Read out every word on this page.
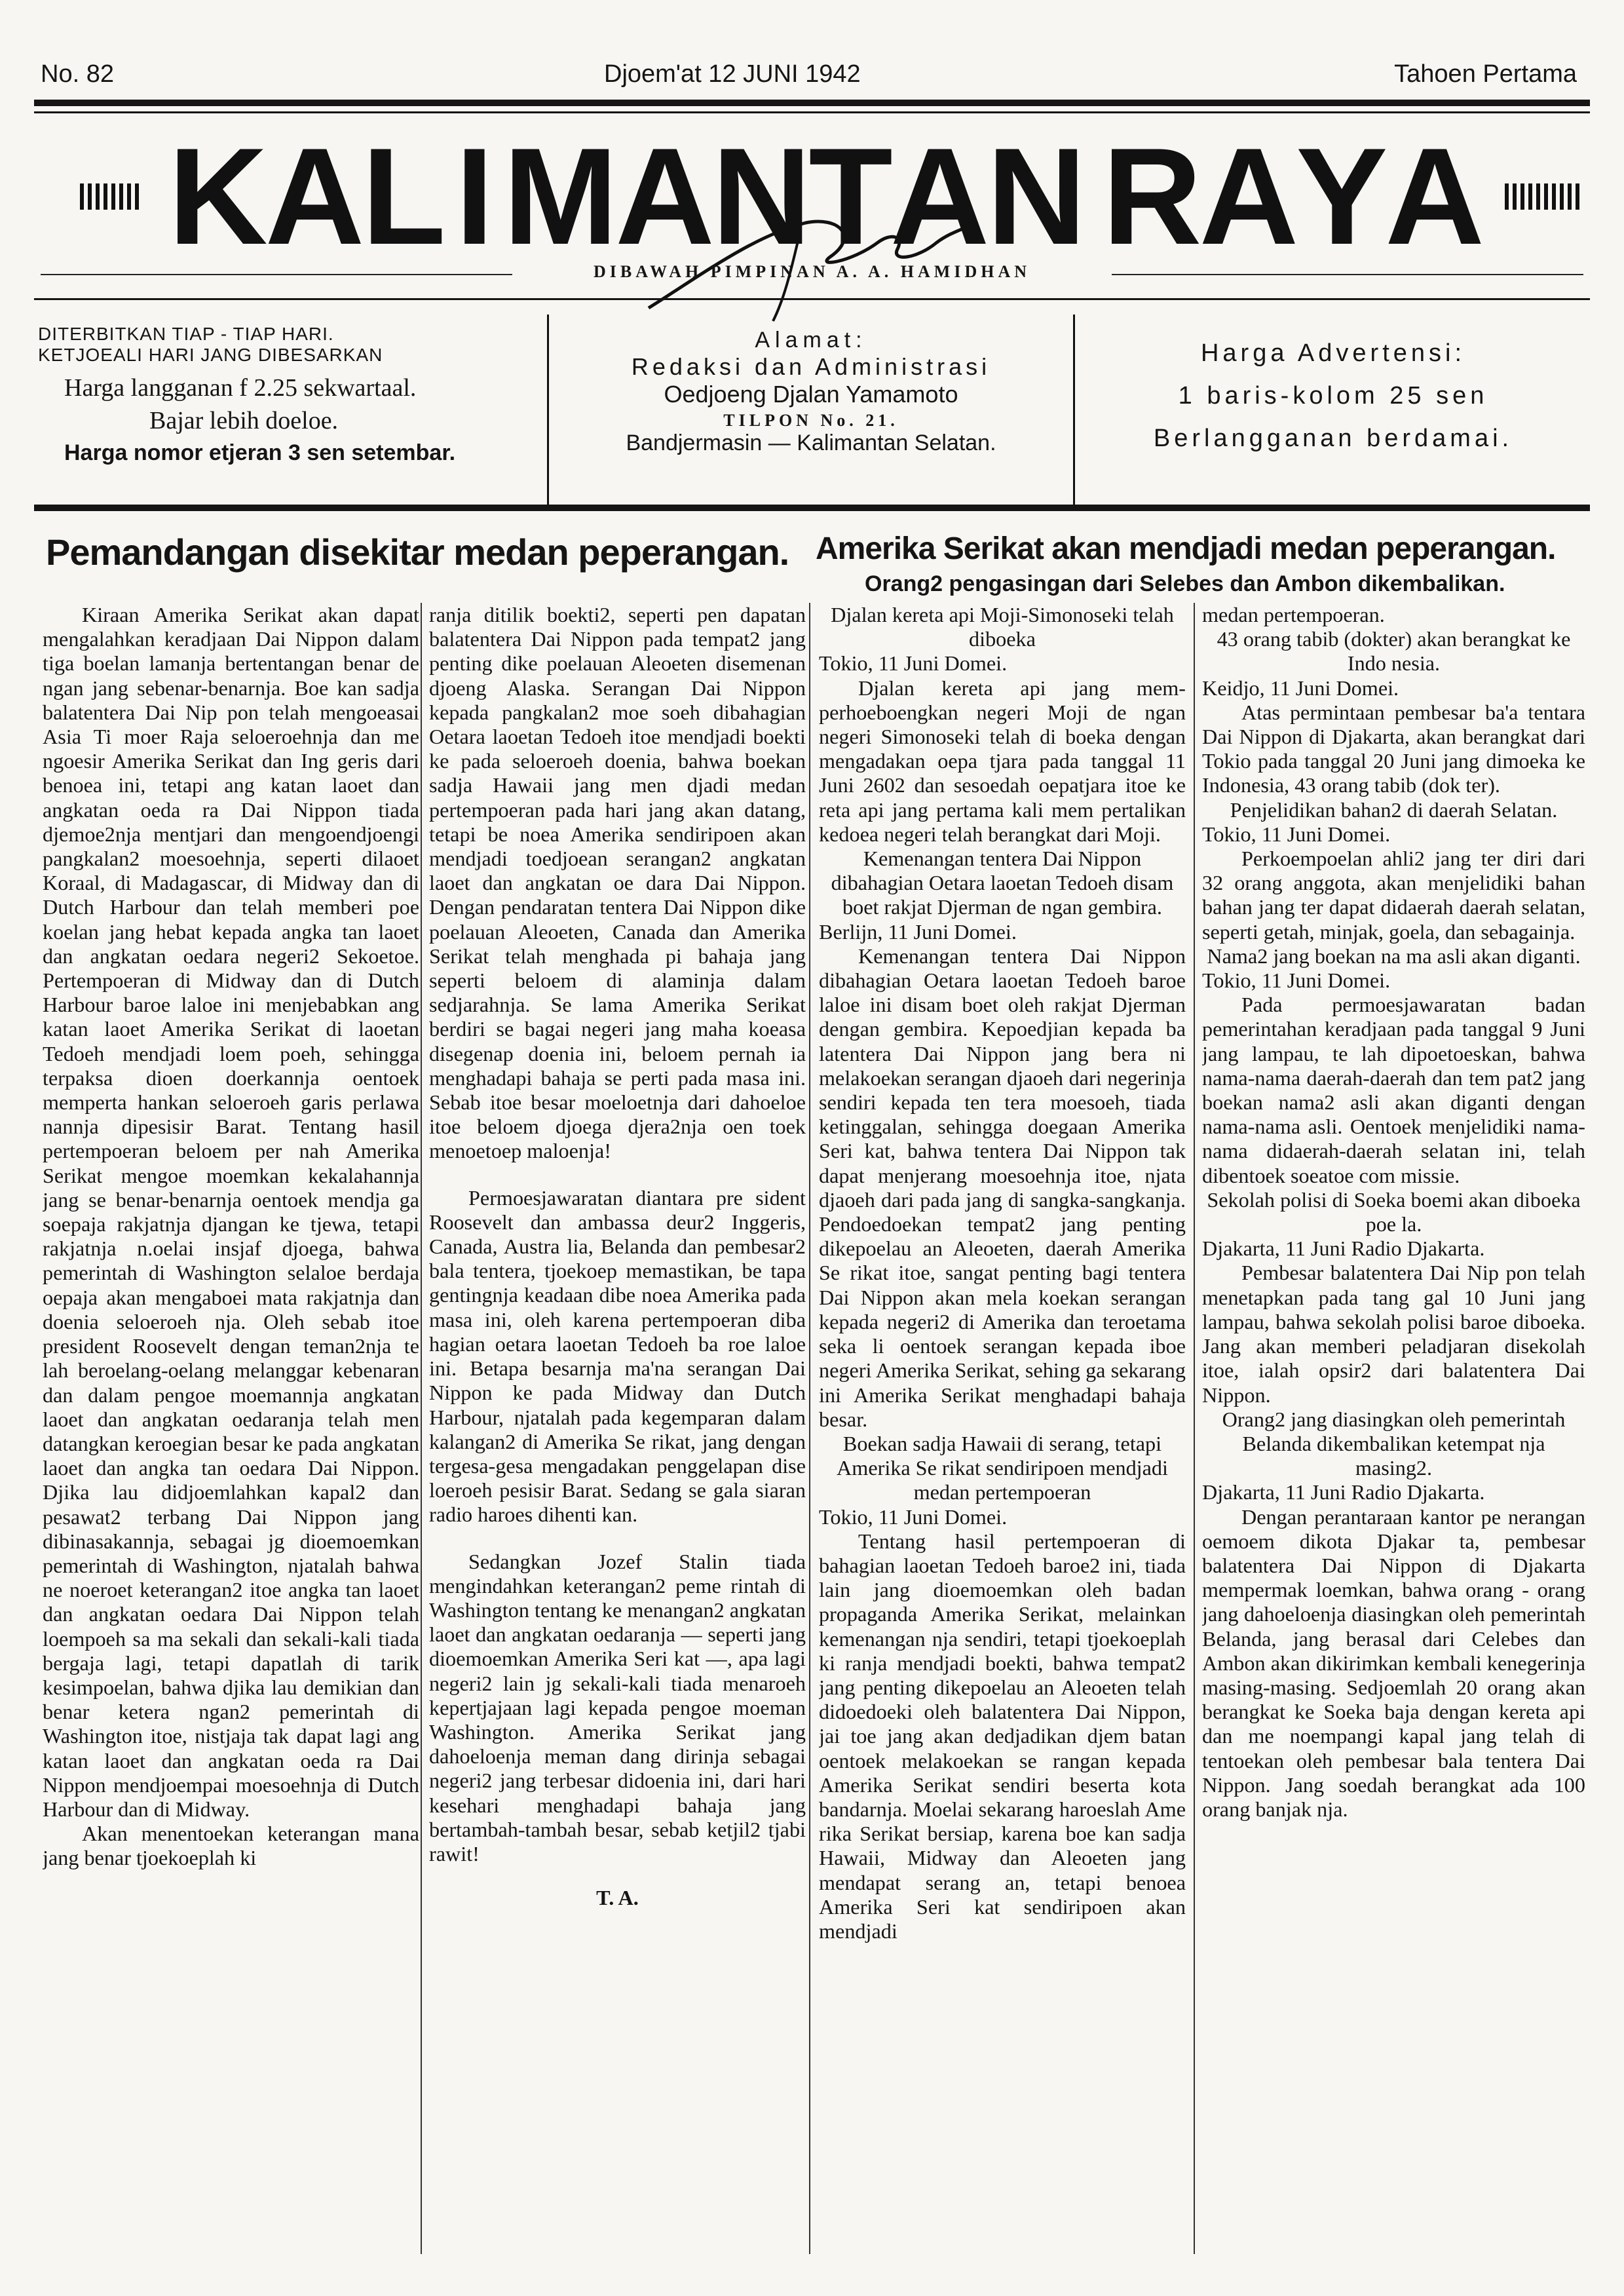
No. 82	Djoem'at 12 JUNI 1942	Tahoen Pertama
K A L I M A N T A N R A Y A
DIBAWAH PIMPINAN A. A. HAMIDHAN
DITERBITKAN TIAP - TIAP HARI.
KETJOEALI HARI JANG DIBESARKAN
Harga langganan f 2.25 sekwartaal.
Bajar lebih doeloe.
Harga nomor etjeran 3 sen setembar.
Alamat:
Redaksi dan Administrasi
Oedjoeng Djalan Yamamoto
TILPON No. 21.
Bandjermasin — Kalimantan Selatan.
Harga Advertensi:
1 baris-kolom 25 sen
Berlangganan berdamai.
Pemandangan disekitar medan peperangan. Amerika Serikat akan mendjadi medan peperangan.
Orang2 pengasingan dari Selebes dan Ambon dikembalikan.

Kiraan Amerika Serikat akan dapat mengalahkan keradjaan Dai Nippon dalam tiga boelan lamanja bertentangan benar de ngan jang sebenar-benarnja. Boe kan sadja balatentera Dai Nip pon telah mengoeasai Asia Ti moer Raja seloeroehnja dan me ngoesir Amerika Serikat dan Ing geris dari benoea ini, tetapi ang katan laoet dan angkatan oeda ra Dai Nippon tiada djemoe2nja mentjari dan mengoendjoengi pangkalan2 moesoehnja, seperti dilaoet Koraal, di Madagascar, di Midway dan di Dutch Harbour dan telah memberi poe koelan jang hebat kepada angka tan laoet dan angkatan oedara negeri2 Sekoetoe. Pertempoeran di Midway dan di Dutch Harbour baroe laloe ini menjebabkan ang katan laoet Amerika Serikat di laoetan Tedoeh mendjadi loem poeh, sehingga terpaksa dioen doerkannja oentoek memperta hankan seloeroeh garis perlawa nannja dipesisir Barat. Tentang hasil pertempoeran beloem per nah Amerika Serikat mengoe moemkan kekalahannja jang se benar-benarnja oentoek mendja ga soepaja rakjatnja djangan ke tjewa, tetapi rakjatnja n.oelai insjaf djoega, bahwa pemerintah di Washington selaloe berdaja oepaja akan mengaboei mata rakjatnja dan doenia seloeroeh nja. Oleh sebab itoe president Roosevelt dengan teman2nja te lah beroelang-oelang melanggar kebenaran dan dalam pengoe moemannja angkatan laoet dan angkatan oedaranja telah men datangkan keroegian besar ke pada angkatan laoet dan angka tan oedara Dai Nippon. Djika lau didjoemlahkan kapal2 dan pesawat2 terbang Dai Nippon jang dibinasakannja, sebagai jg dioemoemkan pemerintah di Washington, njatalah bahwa ne noeroet keterangan2 itoe angka tan laoet dan angkatan oedara Dai Nippon telah loempoeh sa ma sekali dan sekali-kali tiada bergaja lagi, tetapi dapatlah di tarik kesimpoelan, bahwa djika lau demikian dan benar ketera ngan2 pemerintah di Washington itoe, nistjaja tak dapat lagi ang katan laoet dan angkatan oeda ra Dai Nippon mendjoempai moesoehnja di Dutch Harbour dan di Midway.

Akan menentoekan keterangan mana jang benar tjoekoeplah ki

ranja ditilik boekti2, seperti pen dapatan balatentera Dai Nippon pada tempat2 jang penting dike poelauan Aleoeten disemenan djoeng Alaska. Serangan Dai Nippon kepada pangkalan2 moe soeh dibahagian Oetara laoetan Tedoeh itoe mendjadi boekti ke pada seloeroeh doenia, bahwa boekan sadja Hawaii jang men djadi medan pertempoeran pada hari jang akan datang, tetapi be noea Amerika sendiripoen akan mendjadi toedjoean serangan2 angkatan laoet dan angkatan oe dara Dai Nippon. Dengan pendaratan tentera Dai Nippon dike poelauan Aleoeten, Canada dan Amerika Serikat telah menghada pi bahaja jang seperti beloem di alaminja dalam sedjarahnja. Se lama Amerika Serikat berdiri se bagai negeri jang maha koeasa disegenap doenia ini, beloem pernah ia menghadapi bahaja se perti pada masa ini. Sebab itoe besar moeloetnja dari dahoeloe itoe beloem djoega djera2nja oen toek menoetoep maloenja!

Permoesjawaratan diantara pre sident Roosevelt dan ambassa deur2 Inggeris, Canada, Austra lia, Belanda dan pembesar2 bala tentera, tjoekoep memastikan, be tapa gentingnja keadaan dibe noea Amerika pada masa ini, oleh karena pertempoeran diba hagian oetara laoetan Tedoeh ba roe laloe ini. Betapa besarnja ma'na serangan Dai Nippon ke pada Midway dan Dutch Harbour, njatalah pada kegemparan dalam kalangan2 di Amerika Se rikat, jang dengan tergesa-gesa mengadakan penggelapan dise loeroeh pesisir Barat. Sedang se gala siaran radio haroes dihenti kan.

Sedangkan Jozef Stalin tiada mengindahkan keterangan2 peme rintah di Washington tentang ke menangan2 angkatan laoet dan angkatan oedaranja — seperti jang dioemoemkan Amerika Seri kat —, apa lagi negeri2 lain jg sekali-kali tiada menaroeh kepertjajaan lagi kepada pengoe moeman Washington. Amerika Serikat jang dahoeloenja meman dang dirinja sebagai negeri2 jang terbesar didoenia ini, dari hari kesehari menghadapi bahaja jang bertambah-tambah besar, sebab ketjil2 tjabi rawit!

T. A.

Djalan kereta api Moji-Simonoseki telah diboeka

Tokio, 11 Juni Domei.

Djalan kereta api jang mem-perhoeboengkan negeri Moji de ngan negeri Simonoseki telah di boeka dengan mengadakan oepa tjara pada tanggal 11 Juni 2602 dan sesoedah oepatjara itoe ke reta api jang pertama kali mem pertalikan kedoea negeri telah berangkat dari Moji.

Kemenangan tentera Dai Nippon dibahagian Oetara laoetan Tedoeh disam boet rakjat Djerman de ngan gembira.

Berlijn, 11 Juni Domei.

Kemenangan tentera Dai Nippon dibahagian Oetara laoetan Tedoeh baroe laloe ini disam boet oleh rakjat Djerman dengan gembira. Kepoedjian kepada ba latentera Dai Nippon jang bera ni melakoekan serangan djaoeh dari negerinja sendiri kepada ten tera moesoeh, tiada ketinggalan, sehingga doegaan Amerika Seri kat, bahwa tentera Dai Nippon tak dapat menjerang moesoehnja itoe, njata djaoeh dari pada jang di sangka-sangkanja. Pendoedoekan tempat2 jang penting dikepoelau an Aleoeten, daerah Amerika Se rikat itoe, sangat penting bagi tentera Dai Nippon akan mela koekan serangan kepada negeri2 di Amerika dan teroetama seka li oentoek serangan kepada iboe negeri Amerika Serikat, sehing ga sekarang ini Amerika Serikat menghadapi bahaja besar.

Boekan sadja Hawaii di serang, tetapi Amerika Se rikat sendiripoen mendjadi medan pertempoeran

Tokio, 11 Juni Domei.

Tentang hasil pertempoeran di bahagian laoetan Tedoeh baroe2 ini, tiada lain jang dioemoemkan oleh badan propaganda Amerika Serikat, melainkan kemenangan nja sendiri, tetapi tjoekoeplah ki ranja mendjadi boekti, bahwa tempat2 jang penting dikepoelau an Aleoeten telah didoedoeki oleh balatentera Dai Nippon, jai toe jang akan dedjadikan djem batan oentoek melakoekan se rangan kepada Amerika Serikat sendiri beserta kota bandarnja. Moelai sekarang haroeslah Ame rika Serikat bersiap, karena boe kan sadja Hawaii, Midway dan Aleoeten jang mendapat serang an, tetapi benoea Amerika Seri kat sendiripoen akan mendjadi

medan pertempoeran.

43 orang tabib (dokter) akan berangkat ke Indo nesia.

Keidjo, 11 Juni Domei.

Atas permintaan pembesar ba'a tentara Dai Nippon di Djakarta, akan berangkat dari Tokio pada tanggal 20 Juni jang dimoeka ke Indonesia, 43 orang tabib (dok ter).

Penjelidikan bahan2 di daerah Selatan.

Tokio, 11 Juni Domei.

Perkoempoelan ahli2 jang ter diri dari 32 orang anggota, akan menjelidiki bahan bahan jang ter dapat didaerah daerah selatan, seperti getah, minjak, goela, dan sebagainja.

Nama2 jang boekan na ma asli akan diganti.

Tokio, 11 Juni Domei.

Pada permoesjawaratan badan pemerintahan keradjaan pada tanggal 9 Juni jang lampau, te lah dipoetoeskan, bahwa nama-nama daerah-daerah dan tem pat2 jang boekan nama2 asli akan diganti dengan nama-nama asli. Oentoek menjelidiki nama-nama didaerah-daerah selatan ini, telah dibentoek soeatoe com missie.

Sekolah polisi di Soeka boemi akan diboeka poe la.

Djakarta, 11 Juni Radio Djakarta.

Pembesar balatentera Dai Nip pon telah menetapkan pada tang gal 10 Juni jang lampau, bahwa sekolah polisi baroe diboeka. Jang akan memberi peladjaran disekolah itoe, ialah opsir2 dari balatentera Dai Nippon.

Orang2 jang diasingkan oleh pemerintah Belanda dikembalikan ketempat nja masing2.

Djakarta, 11 Juni Radio Djakarta.

Dengan perantaraan kantor pe nerangan oemoem dikota Djakar ta, pembesar balatentera Dai Nippon di Djakarta mempermak loemkan, bahwa orang - orang jang dahoeloenja diasingkan oleh pemerintah Belanda, jang berasal dari Celebes dan Ambon akan dikirimkan kembali kenegerinja masing-masing. Sedjoemlah 20 orang akan berangkat ke Soeka baja dengan kereta api dan me noempangi kapal jang telah di tentoekan oleh pembesar bala tentera Dai Nippon. Jang soedah berangkat ada 100 orang banjak nja.
